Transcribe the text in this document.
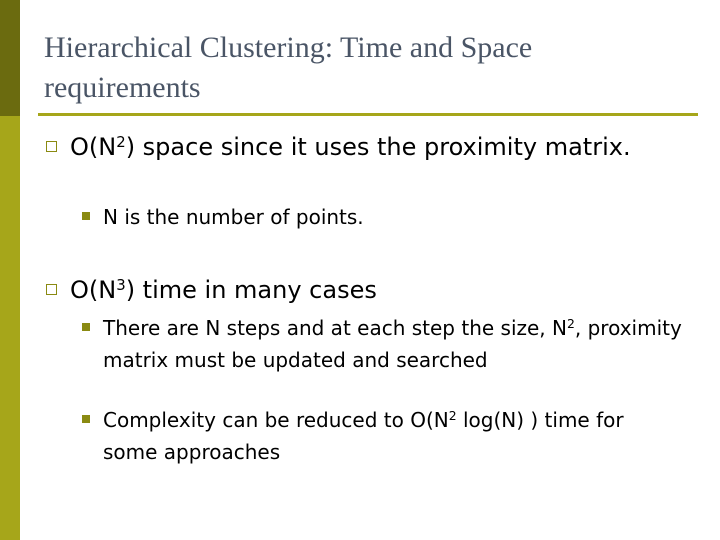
Hierarchical Clustering: Time and Space requirements
$O(N^2)$ space since it uses the proximity matrix.
N is the number of points.
$O(N^3)$ time in many cases
There are N steps and at each step the size, $N^2$, proximity matrix must be updated and searched
Complexity can be reduced to $O(N^2$ log(N) ) time for some approaches
